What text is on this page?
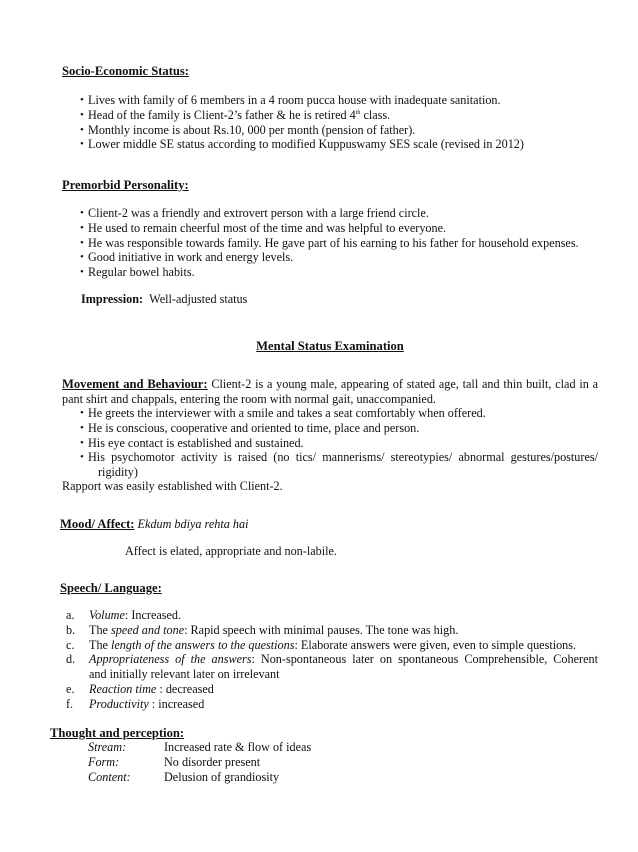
Socio-Economic Status:
• Lives with family of 6 members in a 4 room pucca house with inadequate sanitation.
• Head of the family is Client-2’s father & he is retired 4th class.
• Monthly income is about Rs.10, 000 per month (pension of father).
• Lower middle SE status according to modified Kuppuswamy SES scale (revised in 2012)
Premorbid Personality:
• Client-2 was a friendly and extrovert person with a large friend circle.
• He used to remain cheerful most of the time and was helpful to everyone.
• He was responsible towards family. He gave part of his earning to his father for household expenses.
• Good initiative in work and energy levels.
• Regular bowel habits.
Impression: Well-adjusted status
Mental Status Examination
Movement and Behaviour: Client-2 is a young male, appearing of stated age, tall and thin built, clad in a
pant shirt and chappals, entering the room with normal gait, unaccompanied.
• He greets the interviewer with a smile and takes a seat comfortably when offered.
• He is conscious, cooperative and oriented to time, place and person.
• His eye contact is established and sustained.
• His psychomotor activity is raised (no tics/ mannerisms/ stereotypies/ abnormal gestures/postures/
rigidity)
Rapport was easily established with Client-2.
Mood/ Affect: Ekdum bdiya rehta hai
Affect is elated, appropriate and non-labile.
Speech/ Language:
a. Volume: Increased.
b. The speed and tone: Rapid speech with minimal pauses. The tone was high.
c. The length of the answers to the questions: Elaborate answers were given, even to simple questions.
d. Appropriateness of the answers: Non-spontaneous later on spontaneous Comprehensible, Coherent
and initially relevant later on irrelevant
e. Reaction time : decreased
f. Productivity : increased
Thought and perception:
Stream:	Increased rate & flow of ideas
Form:	No disorder present
Content:	Delusion of grandiosity
